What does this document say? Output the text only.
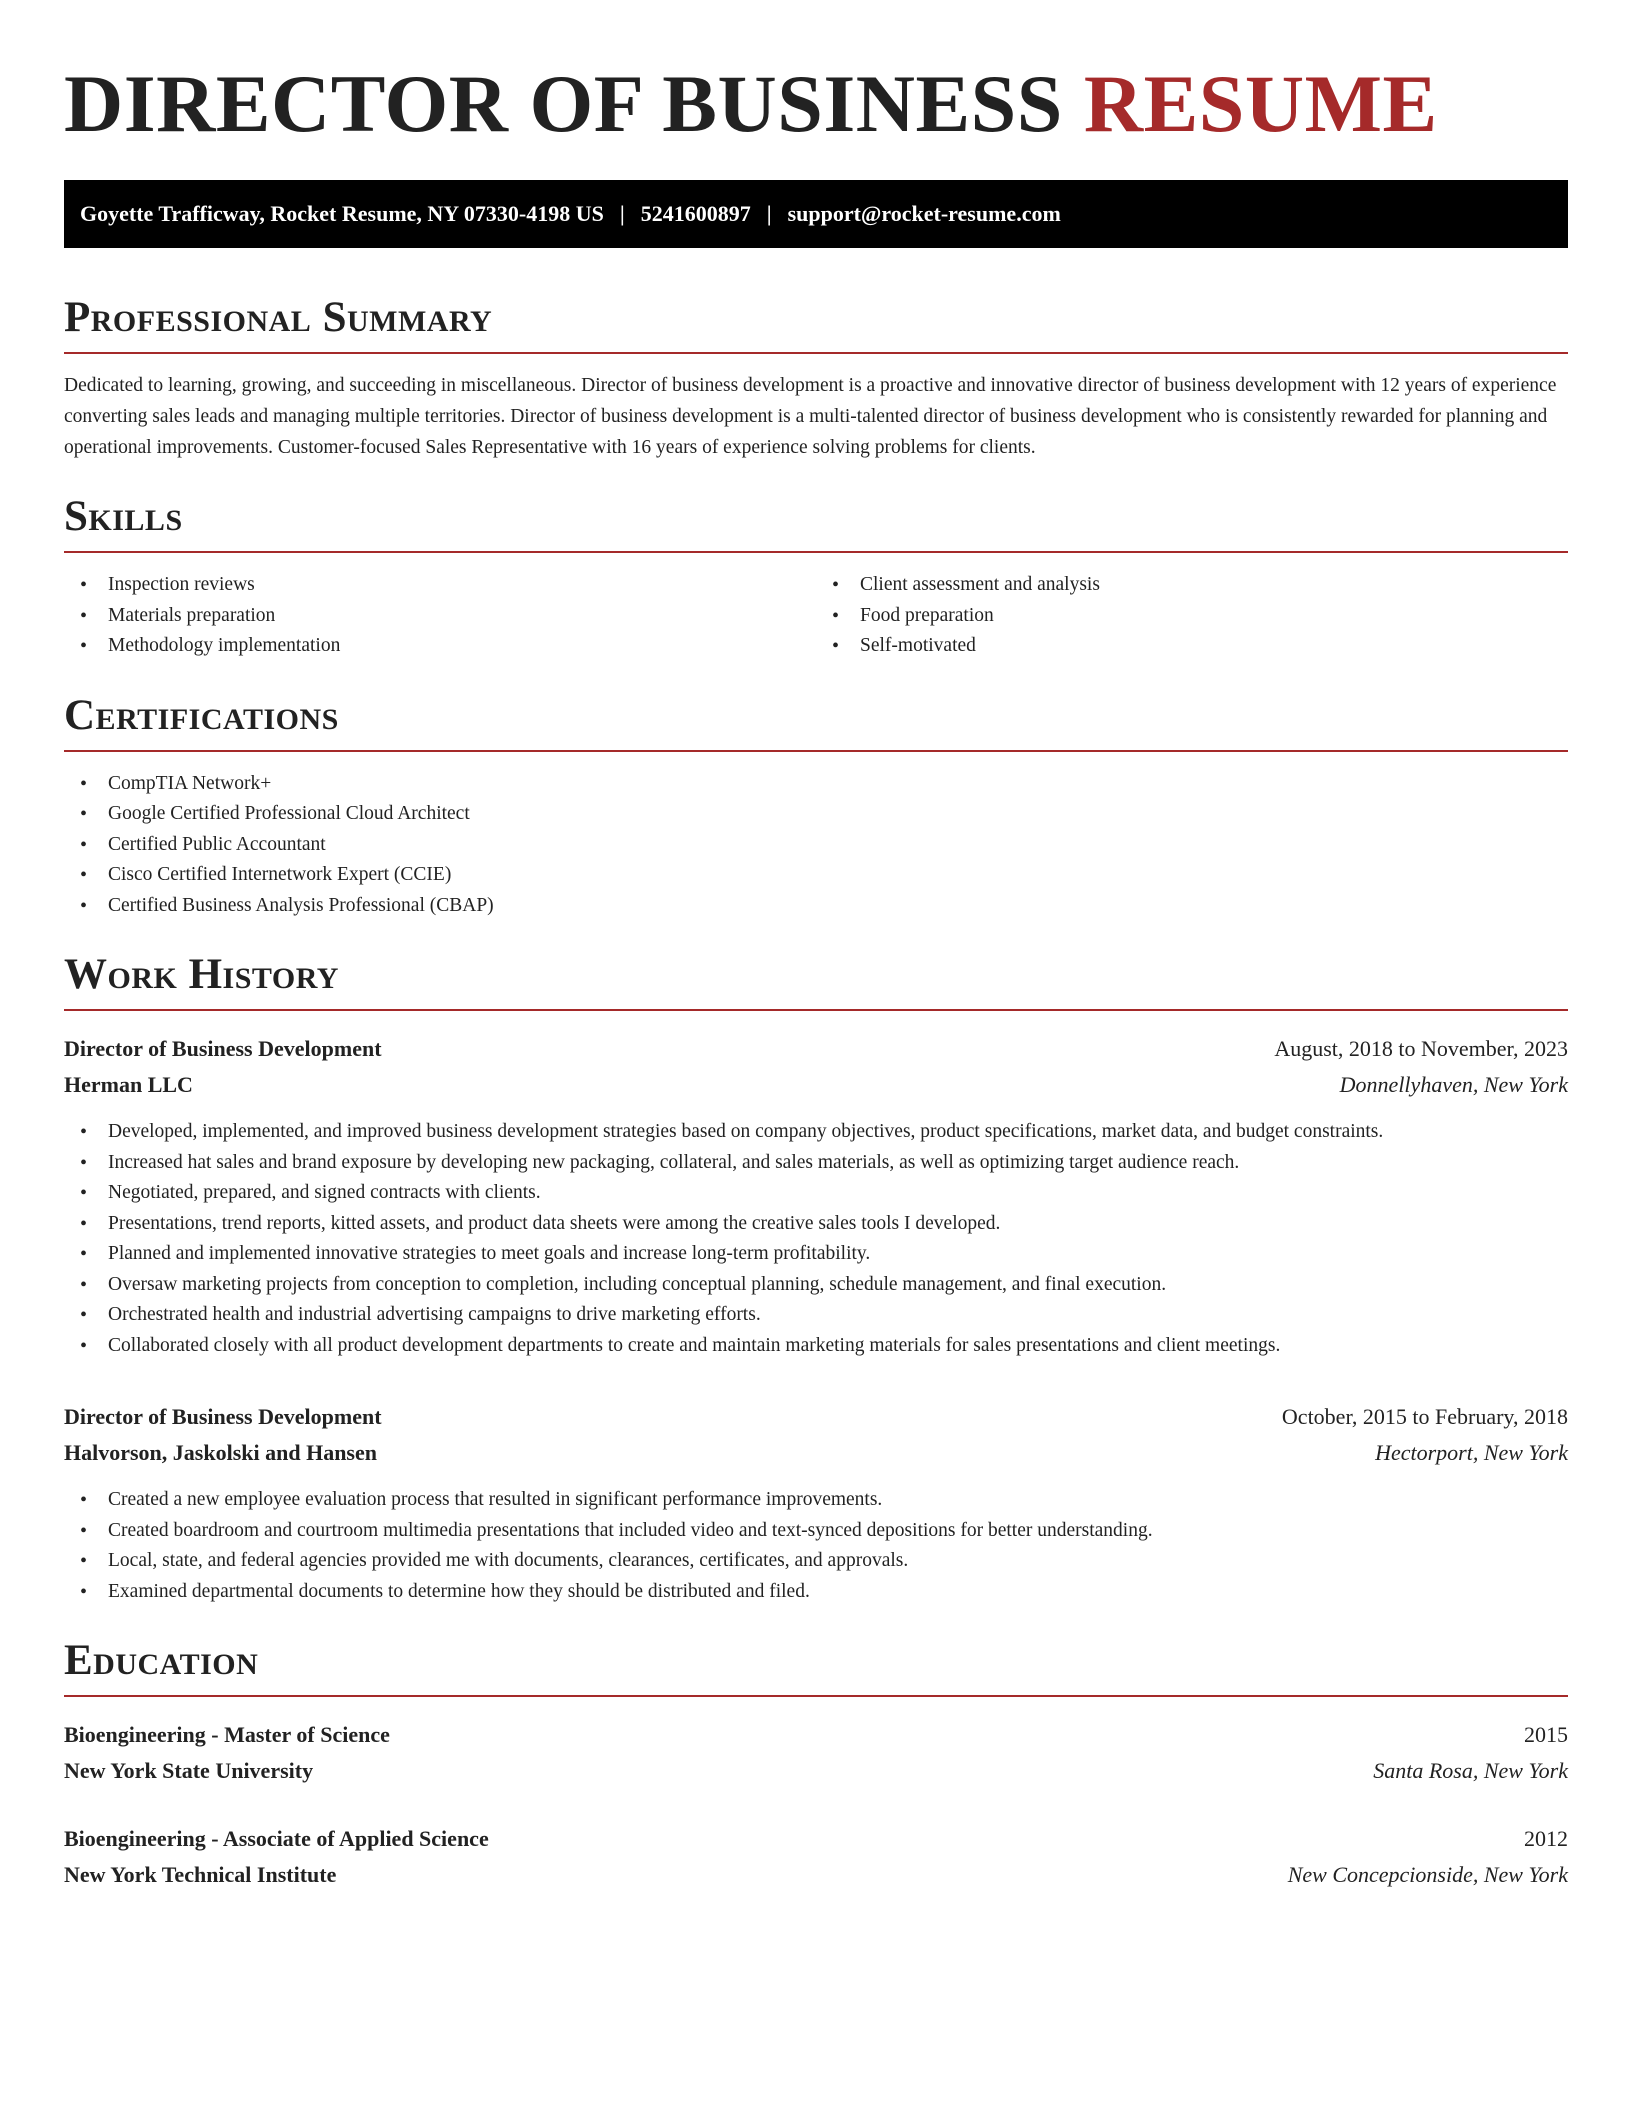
DIRECTOR OF BUSINESS RESUME
Goyette Trafficway, Rocket Resume, NY 07330-4198 US | 5241600897 | support@rocket-resume.com
Professional Summary

Dedicated to learning, growing, and succeeding in miscellaneous. Director of business development is a proactive and innovative director of business development with 12 years of experience converting sales leads and managing multiple territories. Director of business development is a multi-talented director of business development who is consistently rewarded for planning and operational improvements. Customer-focused Sales Representative with 16 years of experience solving problems for clients.

Skills
• Inspection reviews
• Materials preparation
• Methodology implementation
• Client assessment and analysis
• Food preparation
• Self-motivated
Certifications
• CompTIA Network+
• Google Certified Professional Cloud Architect
• Certified Public Accountant
• Cisco Certified Internetwork Expert (CCIE)
• Certified Business Analysis Professional (CBAP)
Work History
Director of Business Development	August, 2018 to November, 2023
Herman LLC	Donnellyhaven, New York
• Developed, implemented, and improved business development strategies based on company objectives, product specifications, market data, and budget constraints.
• Increased hat sales and brand exposure by developing new packaging, collateral, and sales materials, as well as optimizing target audience reach.
• Negotiated, prepared, and signed contracts with clients.
• Presentations, trend reports, kitted assets, and product data sheets were among the creative sales tools I developed.
• Planned and implemented innovative strategies to meet goals and increase long-term profitability.
• Oversaw marketing projects from conception to completion, including conceptual planning, schedule management, and final execution.
• Orchestrated health and industrial advertising campaigns to drive marketing efforts.
• Collaborated closely with all product development departments to create and maintain marketing materials for sales presentations and client meetings.
Director of Business Development	October, 2015 to February, 2018
Halvorson, Jaskolski and Hansen	Hectorport, New York
• Created a new employee evaluation process that resulted in significant performance improvements.
• Created boardroom and courtroom multimedia presentations that included video and text-synced depositions for better understanding.
• Local, state, and federal agencies provided me with documents, clearances, certificates, and approvals.
• Examined departmental documents to determine how they should be distributed and filed.
Education
Bioengineering - Master of Science	2015
New York State University	Santa Rosa, New York
Bioengineering - Associate of Applied Science	2012
New York Technical Institute	New Concepcionside, New York
